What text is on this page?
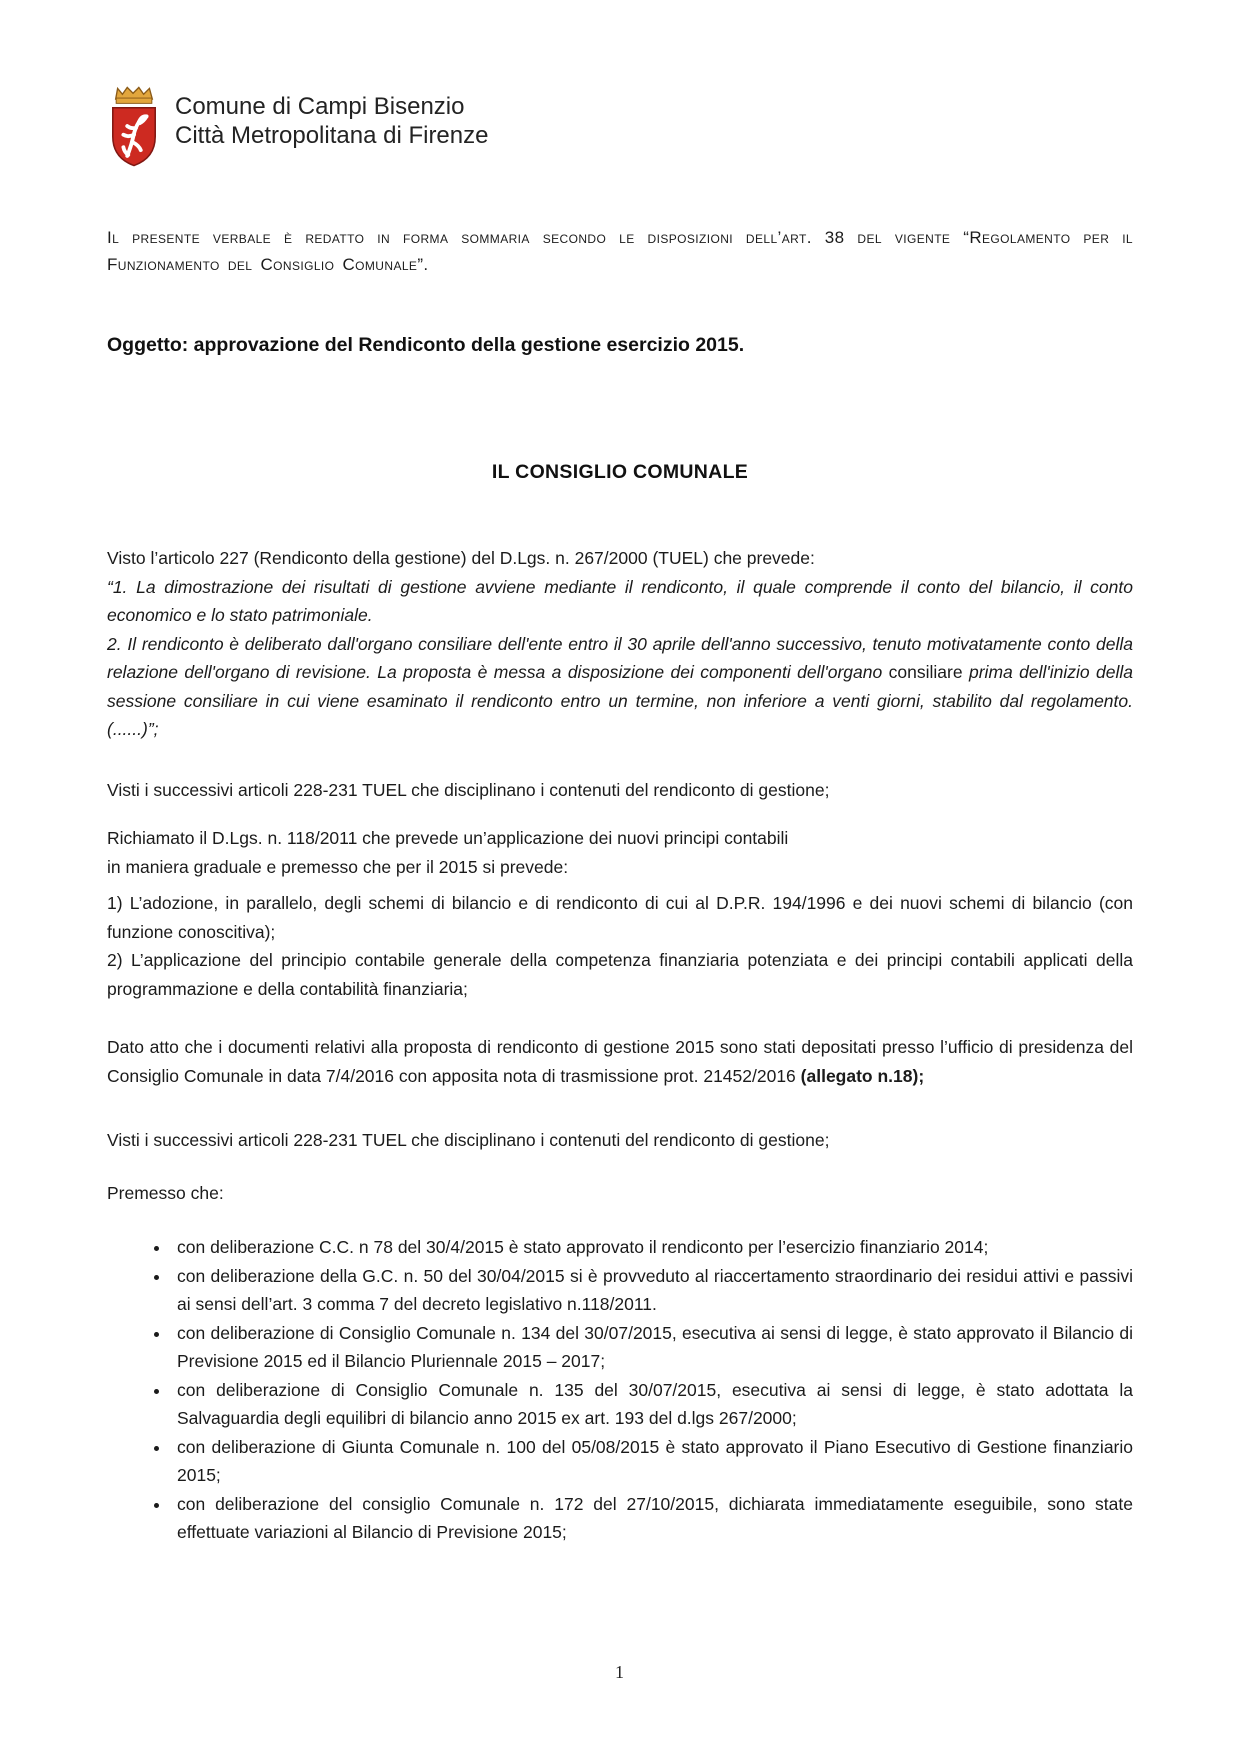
Comune di Campi Bisenzio
Città Metropolitana di Firenze

Il presente verbale è redatto in forma sommaria secondo le disposizioni dell’art. 38 del vigente “Regolamento per il Funzionamento del Consiglio Comunale”.

Oggetto: approvazione del Rendiconto della gestione esercizio 2015.

IL CONSIGLIO COMUNALE

Visto l’articolo 227 (Rendiconto della gestione) del D.Lgs. n. 267/2000 (TUEL) che prevede:

“1. La dimostrazione dei risultati di gestione avviene mediante il rendiconto, il quale comprende il conto del bilancio, il conto economico e lo stato patrimoniale.

2. Il rendiconto è deliberato dall'organo consiliare dell'ente entro il 30 aprile dell'anno successivo, tenuto motivatamente conto della relazione dell'organo di revisione. La proposta è messa a disposizione dei componenti dell'organo consiliare prima dell'inizio della sessione consiliare in cui viene esaminato il rendiconto entro un termine, non inferiore a venti giorni, stabilito dal regolamento. (......)”;

Visti i successivi articoli 228-231 TUEL che disciplinano i contenuti del rendiconto di gestione;

Richiamato il D.Lgs. n. 118/2011 che prevede un’applicazione dei nuovi principi contabili
in maniera graduale e premesso che per il 2015 si prevede:

1) L’adozione, in parallelo, degli schemi di bilancio e di rendiconto di cui al D.P.R. 194/1996 e dei nuovi schemi di bilancio (con funzione conoscitiva);

2) L’applicazione del principio contabile generale della competenza finanziaria potenziata e dei principi contabili applicati della programmazione e della contabilità finanziaria;

Dato atto che i documenti relativi alla proposta di rendiconto di gestione 2015 sono stati depositati presso l’ufficio di presidenza del Consiglio Comunale in data 7/4/2016 con apposita nota di trasmissione prot. 21452/2016 (allegato n.18);

Visti i successivi articoli 228-231 TUEL che disciplinano i contenuti del rendiconto di gestione;

Premesso che:

• con deliberazione C.C. n 78 del 30/4/2015 è stato approvato il rendiconto per l’esercizio finanziario 2014;
• con deliberazione della G.C. n. 50 del 30/04/2015 si è provveduto al riaccertamento straordinario dei residui attivi e passivi ai sensi dell’art. 3 comma 7 del decreto legislativo n.118/2011.
• con deliberazione di Consiglio Comunale n. 134 del 30/07/2015, esecutiva ai sensi di legge, è stato approvato il Bilancio di Previsione 2015 ed il Bilancio Pluriennale 2015 – 2017;
• con deliberazione di Consiglio Comunale n. 135 del 30/07/2015, esecutiva ai sensi di legge, è stato adottata la Salvaguardia degli equilibri di bilancio anno 2015 ex art. 193 del d.lgs 267/2000;
• con deliberazione di Giunta Comunale n. 100 del 05/08/2015 è stato approvato il Piano Esecutivo di Gestione finanziario 2015;
• con deliberazione del consiglio Comunale n. 172 del 27/10/2015, dichiarata immediatamente eseguibile, sono state effettuate variazioni al Bilancio di Previsione 2015;
1
